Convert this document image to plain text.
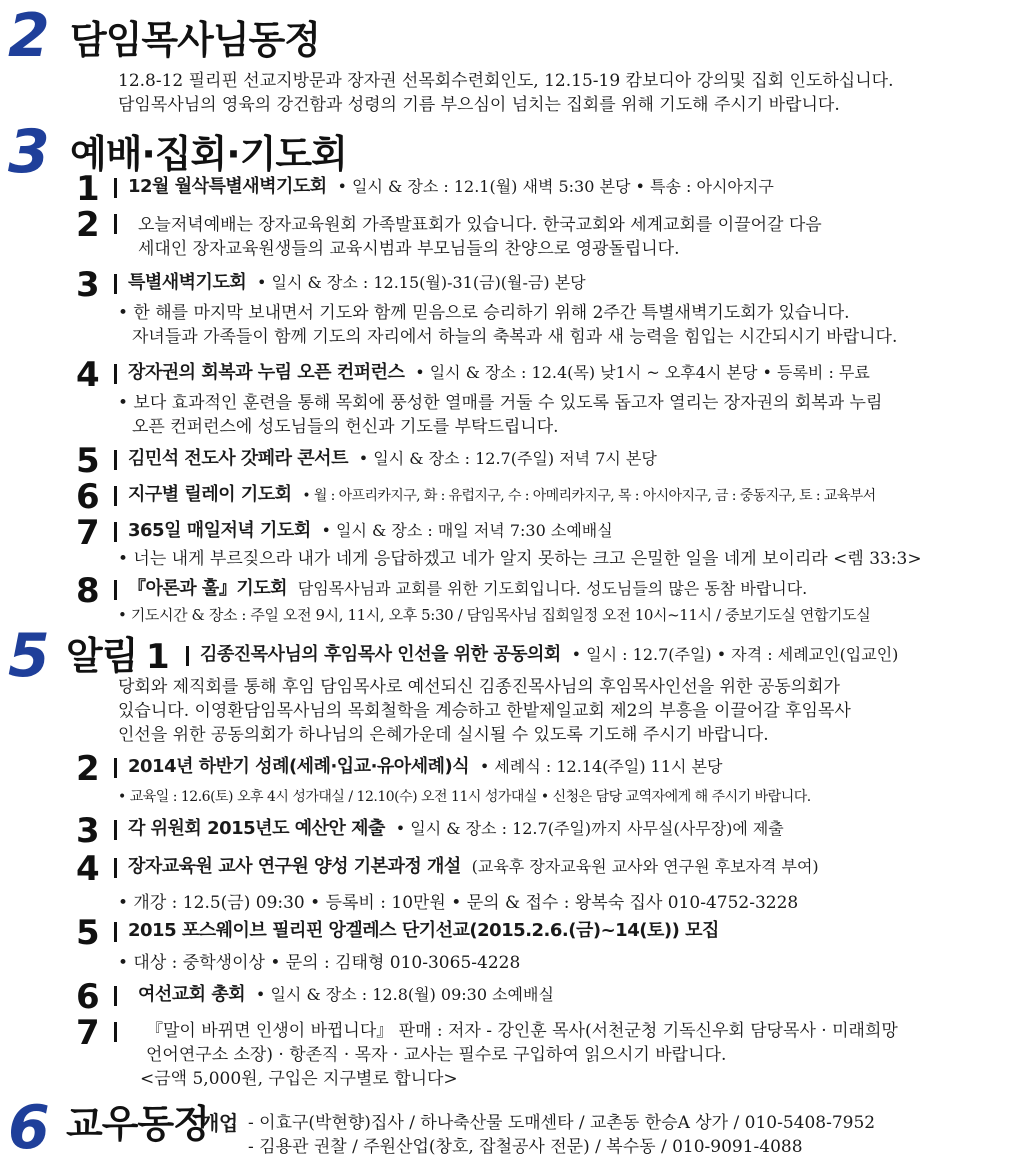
2 담임목사님동정
12.8-12 필리핀 선교지방문과 장자권 선목회수련회인도, 12.15-19 캄보디아 강의및 집회 인도하십니다.
담임목사님의 영육의 강건함과 성령의 기름 부으심이 넘치는 집회를 위해 기도해 주시기 바랍니다.
3 예배·집회·기도회
1 12월 월삭특별새벽기도회 • 일시 & 장소 : 12.1(월) 새벽 5:30 본당 • 특송 : 아시아지구
2 오늘저녁예배는 장자교육원회 가족발표회가 있습니다. 한국교회와 세계교회를 이끌어갈 다음
세대인 장자교육원생들의 교육시범과 부모님들의 찬양으로 영광돌립니다.
3 특별새벽기도회 • 일시 & 장소 : 12.15(월)-31(금)(월-금) 본당
• 한 해를 마지막 보내면서 기도와 함께 믿음으로 승리하기 위해 2주간 특별새벽기도회가 있습니다.
자녀들과 가족들이 함께 기도의 자리에서 하늘의 축복과 새 힘과 새 능력을 힘입는 시간되시기 바랍니다.
4 장자권의 회복과 누림 오픈 컨퍼런스 • 일시 & 장소 : 12.4(목) 낮1시 ~ 오후4시 본당 • 등록비 : 무료
• 보다 효과적인 훈련을 통해 목회에 풍성한 열매를 거둘 수 있도록 돕고자 열리는 장자권의 회복과 누림
오픈 컨퍼런스에 성도님들의 헌신과 기도를 부탁드립니다.
5 김민석 전도사 갓페라 콘서트 • 일시 & 장소 : 12.7(주일) 저녁 7시 본당
6 지구별 릴레이 기도회 • 월 : 아프리카지구, 화 : 유럽지구, 수 : 아메리카지구, 목 : 아시아지구, 금 : 중동지구, 토 : 교육부서
7 365일 매일저녁 기도회 • 일시 & 장소 : 매일 저녁 7:30 소예배실
• 너는 내게 부르짖으라 내가 네게 응답하겠고 네가 알지 못하는 크고 은밀한 일을 네게 보이리라 <렘 33:3>
8 『아론과 훌』기도회 담임목사님과 교회를 위한 기도회입니다. 성도님들의 많은 동참 바랍니다.
• 기도시간 & 장소 : 주일 오전 9시, 11시, 오후 5:30 / 담임목사님 집회일정 오전 10시~11시 / 중보기도실 연합기도실
5 알림 1 김종진목사님의 후임목사 인선을 위한 공동의회 • 일시 : 12.7(주일) • 자격 : 세례교인(입교인)
당회와 제직회를 통해 후임 담임목사로 예선되신 김종진목사님의 후임목사인선을 위한 공동의회가
있습니다. 이영환담임목사님의 목회철학을 계승하고 한밭제일교회 제2의 부흥을 이끌어갈 후임목사
인선을 위한 공동의회가 하나님의 은혜가운데 실시될 수 있도록 기도해 주시기 바랍니다.
2 2014년 하반기 성례(세례·입교·유아세례)식 • 세례식 : 12.14(주일) 11시 본당
• 교육일 : 12.6(토) 오후 4시 성가대실 / 12.10(수) 오전 11시 성가대실 • 신청은 담당 교역자에게 해 주시기 바랍니다.
3 각 위원회 2015년도 예산안 제출 • 일시 & 장소 : 12.7(주일)까지 사무실(사무장)에 제출
4 장자교육원 교사 연구원 양성 기본과정 개설 (교육후 장자교육원 교사와 연구원 후보자격 부여)
• 개강 : 12.5(금) 09:30 • 등록비 : 10만원 • 문의 & 접수 : 왕복숙 집사 010-4752-3228
5 2015 포스웨이브 필리핀 앙겔레스 단기선교(2015.2.6.(금)~14(토)) 모집
• 대상 : 중학생이상 • 문의 : 김태형 010-3065-4228
6 여선교회 총회 • 일시 & 장소 : 12.8(월) 09:30 소예배실
7	『말이 바뀌면 인생이 바뀝니다』 판매 : 저자 - 강인훈 목사(서천군청 기독신우회 담당목사 · 미래희망
언어연구소 소장) · 항존직 · 목자 · 교사는 필수로 구입하여 읽으시기 바랍니다.
<금액 5,000원, 구입은 지구별로 합니다>
6 교우동정
개업 - 이효구(박현향)집사 / 하나축산물 도매센타 / 교촌동 한승A 상가 / 010-5408-7952
- 김용관 권찰 / 주원산업(창호, 잡철공사 전문) / 복수동 / 010-9091-4088
